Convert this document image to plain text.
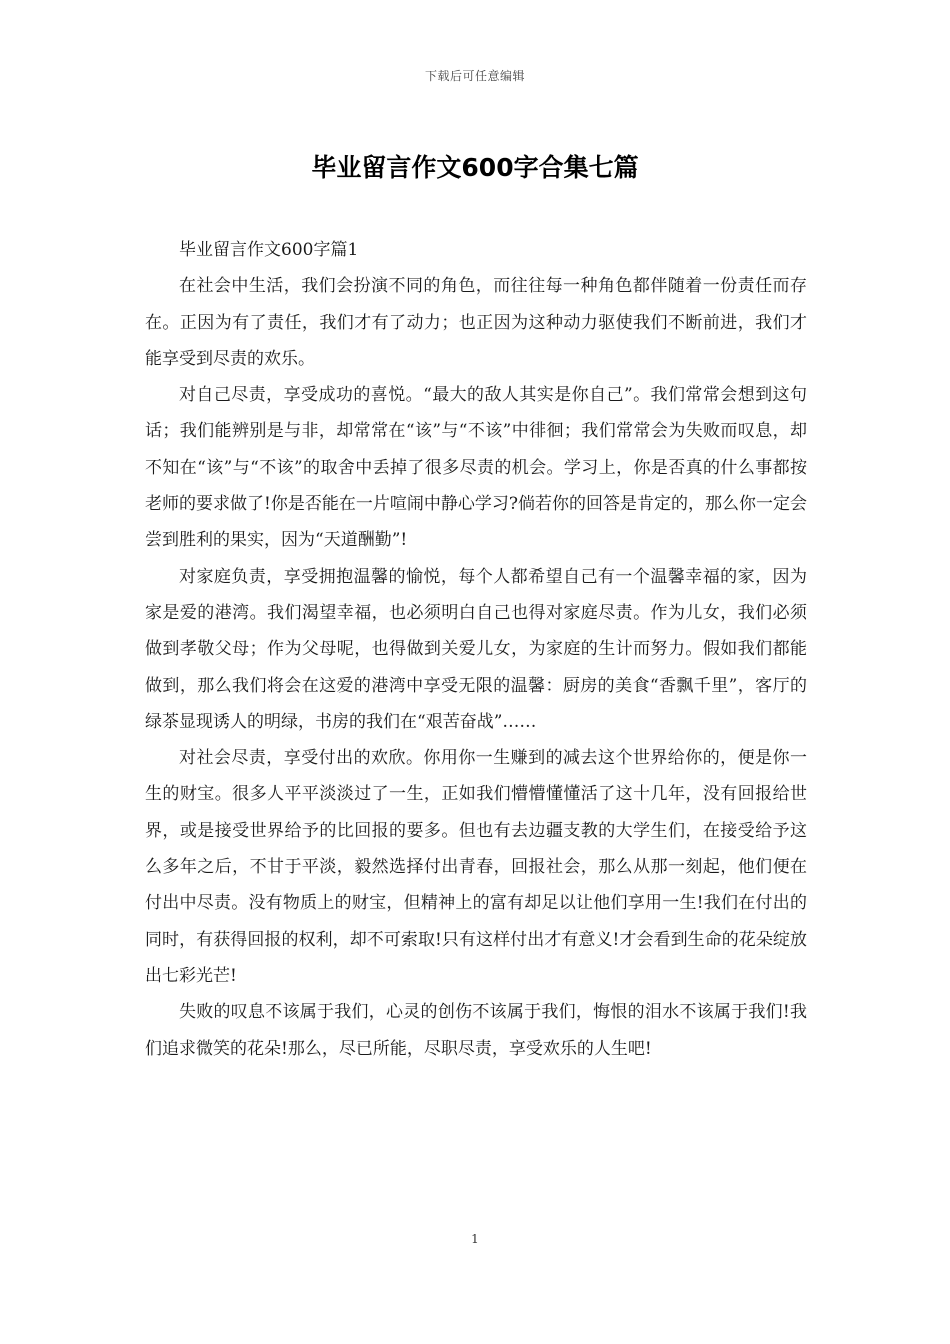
下载后可任意编辑
毕业留言作文600字合集七篇

毕业留言作文600字篇1

在社会中生活，我们会扮演不同的角色，而往往每一种角色都伴随着一份责任而存在。正因为有了责任，我们才有了动力；也正因为这种动力驱使我们不断前进，我们才能享受到尽责的欢乐。

对自己尽责，享受成功的喜悦。“最大的敌人其实是你自己”。我们常常会想到这句话；我们能辨别是与非，却常常在“该”与“不该”中徘徊；我们常常会为失败而叹息，却不知在“该”与“不该”的取舍中丢掉了很多尽责的机会。学习上，你是否真的什么事都按老师的要求做了!你是否能在一片喧闹中静心学习?倘若你的回答是肯定的，那么你一定会尝到胜利的果实，因为“天道酬勤”!

对家庭负责，享受拥抱温馨的愉悦，每个人都希望自己有一个温馨幸福的家，因为家是爱的港湾。我们渴望幸福，也必须明白自己也得对家庭尽责。作为儿女，我们必须做到孝敬父母；作为父母呢，也得做到关爱儿女，为家庭的生计而努力。假如我们都能做到，那么我们将会在这爱的港湾中享受无限的温馨：厨房的美食“香飘千里”，客厅的绿茶显现诱人的明绿，书房的我们在“艰苦奋战”……

对社会尽责，享受付出的欢欣。你用你一生赚到的减去这个世界给你的，便是你一生的财宝。很多人平平淡淡过了一生，正如我们懵懵懂懂活了这十几年，没有回报给世界，或是接受世界给予的比回报的要多。但也有去边疆支教的大学生们，在接受给予这么多年之后，不甘于平淡，毅然选择付出青春，回报社会，那么从那一刻起，他们便在付出中尽责。没有物质上的财宝，但精神上的富有却足以让他们享用一生!我们在付出的同时，有获得回报的权利，却不可索取!只有这样付出才有意义!才会看到生命的花朵绽放出七彩光芒!

失败的叹息不该属于我们，心灵的创伤不该属于我们，悔恨的泪水不该属于我们!我们追求微笑的花朵!那么，尽已所能，尽职尽责，享受欢乐的人生吧!

1
